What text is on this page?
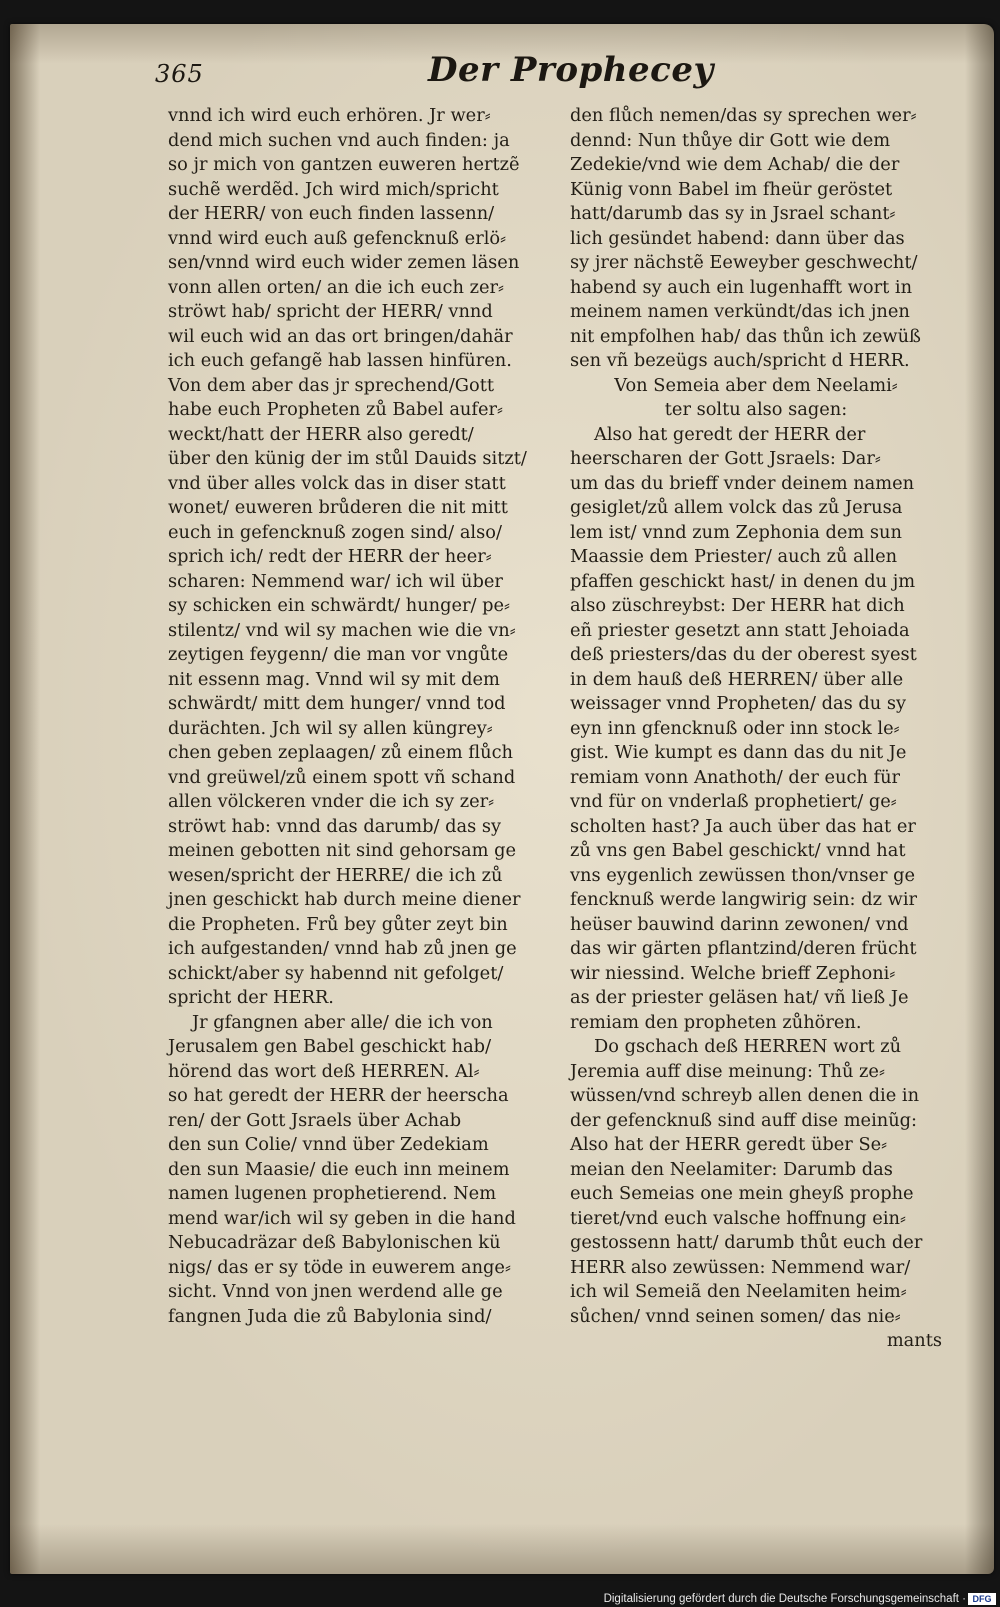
365	Der Prophecey
vnnd ich wird euch erhören. Jr wer⸗
dend mich suchen vnd auch finden: ja
so jr mich von gantzen euweren hertzẽ
suchẽ werdẽd. Jch wird mich/spricht
der HERR/ von euch finden lassenn/
vnnd wird euch auß gefencknuß erlö⸗
sen/vnnd wird euch wider zemen läsen
vonn allen orten/ an die ich euch zer⸗
ströwt hab/ spricht der HERR/ vnnd
wil euch wid an das ort bringen/dahär
ich euch gefangẽ hab lassen hinfüren.
Von dem aber das jr sprechend/Gott
habe euch Propheten zů Babel aufer⸗
weckt/hatt der HERR also geredt/
über den künig der im stůl Dauids sitzt/
vnd über alles volck das in diser statt
wonet/ euweren brůderen die nit mitt
euch in gefencknuß zogen sind/ also/
sprich ich/ redt der HERR der heer⸗
scharen: Nemmend war/ ich wil über
sy schicken ein schwärdt/ hunger/ pe⸗
stilentz/ vnd wil sy machen wie die vn⸗
zeytigen feygenn/ die man vor vngůte
nit essenn mag. Vnnd wil sy mit dem
schwärdt/ mitt dem hunger/ vnnd tod
durächten. Jch wil sy allen küngrey⸗
chen geben zeplaagen/ zů einem flůch
vnd greüwel/zů einem spott vñ schand
allen völckeren vnder die ich sy zer⸗
ströwt hab: vnnd das darumb/ das sy
meinen gebotten nit sind gehorsam ge
wesen/spricht der HERRE/ die ich zů
jnen geschickt hab durch meine diener
die Propheten. Frů bey gůter zeyt bin
ich aufgestanden/ vnnd hab zů jnen ge
schickt/aber sy habennd nit gefolget/
spricht der HERR.
Jr gfangnen aber alle/ die ich von
Jerusalem gen Babel geschickt hab/
hörend das wort deß HERREN. Al⸗
so hat geredt der HERR der heerscha
ren/ der Gott Jsraels über Achab
den sun Colie/ vnnd über Zedekiam
den sun Maasie/ die euch inn meinem
namen lugenen prophetierend. Nem
mend war/ich wil sy geben in die hand
Nebucadräzar deß Babylonischen kü
nigs/ das er sy töde in euwerem ange⸗
sicht. Vnnd von jnen werdend alle ge
fangnen Juda die zů Babylonia sind/
den flůch nemen/das sy sprechen wer⸗
dennd: Nun thůye dir Gott wie dem
Zedekie/vnd wie dem Achab/ die der
Künig vonn Babel im fheür geröstet
hatt/darumb das sy in Jsrael schant⸗
lich gesündet habend: dann über das
sy jrer nächstẽ Eeweyber geschwecht/
habend sy auch ein lugenhafft wort in
meinem namen verkündt/das ich jnen
nit empfolhen hab/ das thůn ich zewüß
sen vñ bezeügs auch/spricht d HERR.
Von Semeia aber dem Neelami⸗
ter soltu also sagen:
Also hat geredt der HERR der
heerscharen der Gott Jsraels: Dar⸗
um das du brieff vnder deinem namen
gesiglet/zů allem volck das zů Jerusa
lem ist/ vnnd zum Zephonia dem sun
Maassie dem Priester/ auch zů allen
pfaffen geschickt hast/ in denen du jm
also züschreybst: Der HERR hat dich
eñ priester gesetzt ann statt Jehoiada
deß priesters/das du der oberest syest
in dem hauß deß HERREN/ über alle
weissager vnnd Propheten/ das du sy
eyn inn gfencknuß oder inn stock le⸗
gist. Wie kumpt es dann das du nit Je
remiam vonn Anathoth/ der euch für
vnd für on vnderlaß prophetiert/ ge⸗
scholten hast? Ja auch über das hat er
zů vns gen Babel geschickt/ vnnd hat
vns eygenlich zewüssen thon/vnser ge
fencknuß werde langwirig sein: dz wir
heüser bauwind darinn zewonen/ vnd
das wir gärten pflantzind/deren frücht
wir niessind. Welche brieff Zephoni⸗
as der priester geläsen hat/ vñ ließ Je
remiam den propheten zůhören.
Do gschach deß HERREN wort zů
Jeremia auff dise meinung: Thů ze⸗
wüssen/vnd schreyb allen denen die in
der gefencknuß sind auff dise meinũg:
Also hat der HERR geredt über Se⸗
meian den Neelamiter: Darumb das
euch Semeias one mein gheyß prophe
tieret/vnd euch valsche hoffnung ein⸗
gestossenn hatt/ darumb thůt euch der
HERR also zewüssen: Nemmend war/
ich wil Semeiã den Neelamiten heim⸗
sůchen/ vnnd seinen somen/ das nie⸗
mants
Digitalisierung gefördert durch die Deutsche Forschungsgemeinschaft · DFG
